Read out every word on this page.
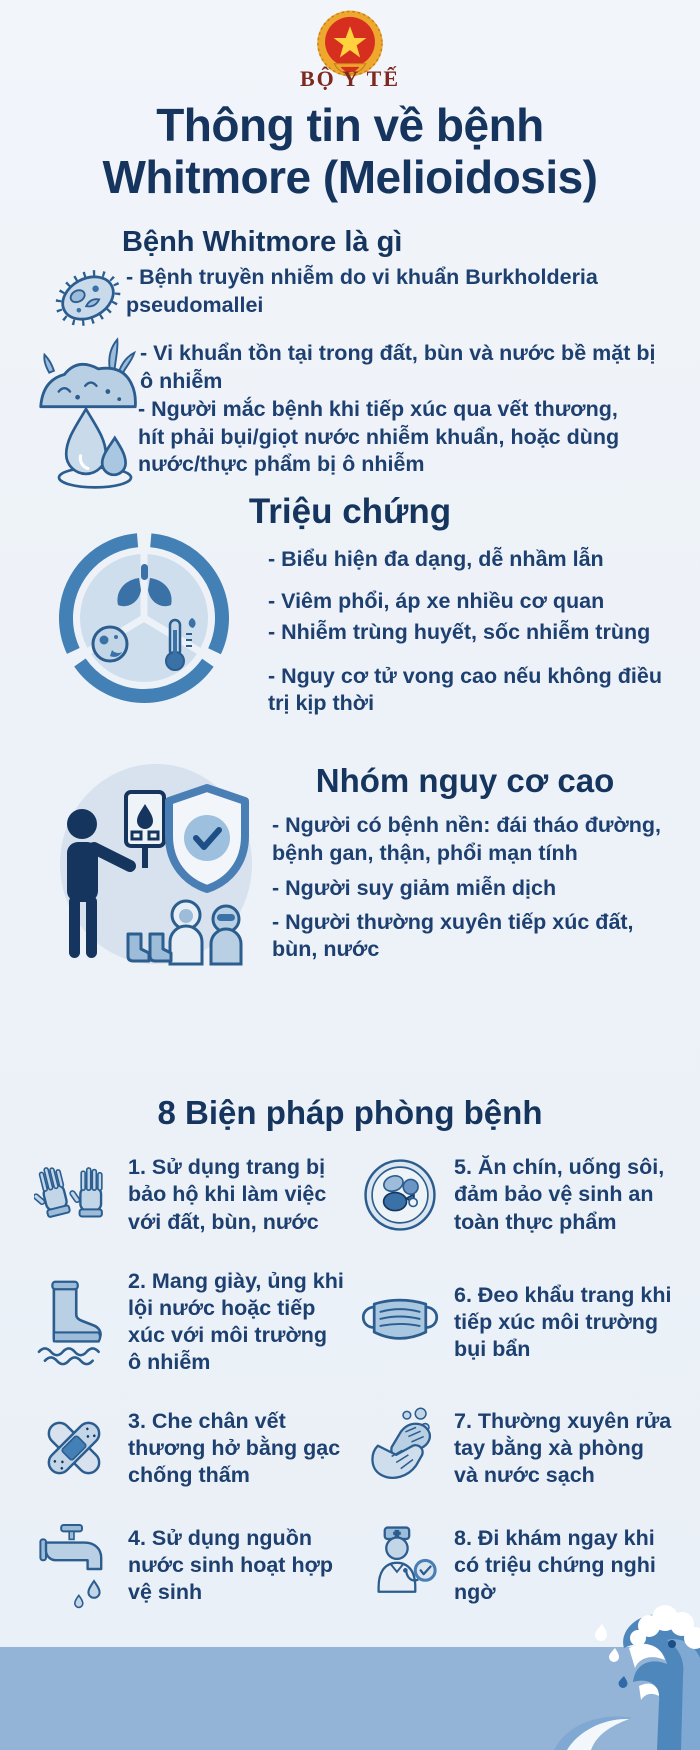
BỘ Y TẾ
Thông tin về bệnh
Whitmore (Melioidosis)
Bệnh Whitmore là gì
- Bệnh truyền nhiễm do vi khuẩn Burkholderia pseudomallei
- Vi khuẩn tồn tại trong đất, bùn và nước bề mặt bị ô nhiễm
- Người mắc bệnh khi tiếp xúc qua vết thương, hít phải bụi/giọt nước nhiễm khuẩn, hoặc dùng nước/thực phẩm bị ô nhiễm
Triệu chứng
- Biểu hiện đa dạng, dễ nhầm lẫn
- Viêm phổi, áp xe nhiều cơ quan
- Nhiễm trùng huyết, sốc nhiễm trùng
- Nguy cơ tử vong cao nếu không điều trị kịp thời
Nhóm nguy cơ cao
- Người có bệnh nền: đái tháo đường, bệnh gan, thận, phổi mạn tính
- Người suy giảm miễn dịch
- Người thường xuyên tiếp xúc đất, bùn, nước
8 Biện pháp phòng bệnh
1. Sử dụng trang bị bảo hộ khi làm việc với đất, bùn, nước
5. Ăn chín, uống sôi, đảm bảo vệ sinh an toàn thực phẩm
2. Mang giày, ủng khi lội nước hoặc tiếp xúc với môi trường ô nhiễm
6. Đeo khẩu trang khi tiếp xúc môi trường bụi bẩn
3. Che chân vết thương hở bằng gạc chống thấm
7. Thường xuyên rửa tay bằng xà phòng và nước sạch
4. Sử dụng nguồn nước sinh hoạt hợp vệ sinh
8. Đi khám ngay khi có triệu chứng nghi ngờ
